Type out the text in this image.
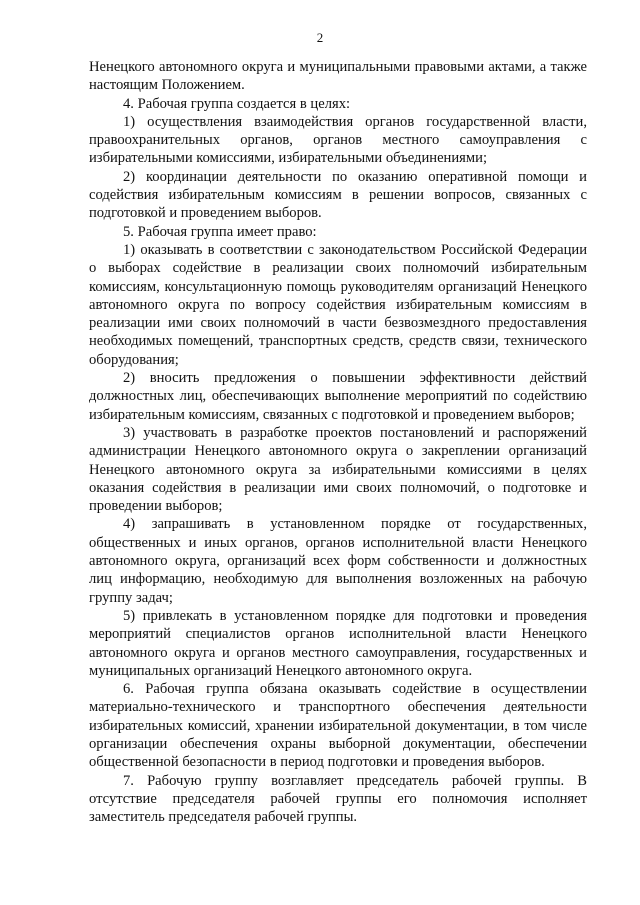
2

Ненецкого автономного округа и муниципальными правовыми актами, а также настоящим Положением.

4. Рабочая группа создается в целях:

1) осуществления взаимодействия органов государственной власти, правоохранительных органов, органов местного самоуправления с избирательными комиссиями, избирательными объединениями;

2) координации деятельности по оказанию оперативной помощи и содействия избирательным комиссиям в решении вопросов, связанных с подготовкой и проведением выборов.

5. Рабочая группа имеет право:

1) оказывать в соответствии с законодательством Российской Федерации о выборах содействие в реализации своих полномочий избирательным комиссиям, консультационную помощь руководителям организаций Ненецкого автономного округа по вопросу содействия избирательным комиссиям в реализации ими своих полномочий в части безвозмездного предоставления необходимых помещений, транспортных средств, средств связи, технического оборудования;

2) вносить предложения о повышении эффективности действий должностных лиц, обеспечивающих выполнение мероприятий по содействию избирательным комиссиям, связанных с подготовкой и проведением выборов;

3) участвовать в разработке проектов постановлений и распоряжений администрации Ненецкого автономного округа о закреплении организаций Ненецкого автономного округа за избирательными комиссиями в целях оказания содействия в реализации ими своих полномочий, о подготовке и проведении выборов;

4) запрашивать в установленном порядке от государственных, общественных и иных органов, органов исполнительной власти Ненецкого автономного округа, организаций всех форм собственности и должностных лиц информацию, необходимую для выполнения возложенных на рабочую группу задач;

5) привлекать в установленном порядке для подготовки и проведения мероприятий специалистов органов исполнительной власти Ненецкого автономного округа и органов местного самоуправления, государственных и муниципальных организаций Ненецкого автономного округа.

6. Рабочая группа обязана оказывать содействие в осуществлении материально-технического и транспортного обеспечения деятельности избирательных комиссий, хранении избирательной документации, в том числе организации обеспечения охраны выборной документации, обеспечении общественной безопасности в период подготовки и проведения выборов.

7. Рабочую группу возглавляет председатель рабочей группы. В отсутствие председателя рабочей группы его полномочия исполняет заместитель председателя рабочей группы.
